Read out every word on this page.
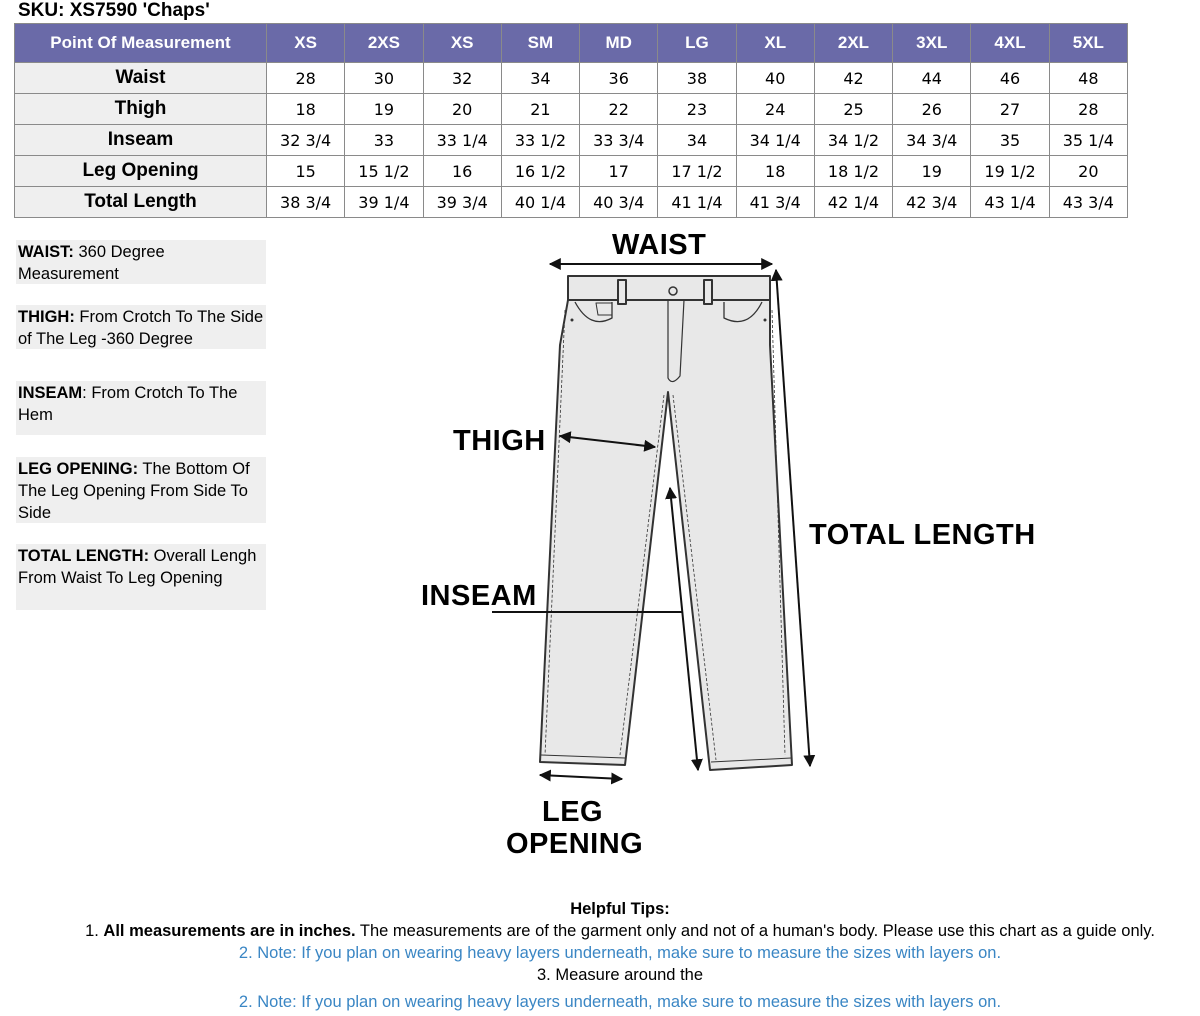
SKU: XS7590 'Chaps'
Point Of Measurement	XS	2XS	XS	SM	MD	LG	XL	2XL	3XL	4XL	5XL
Waist	28	30	32	34	36	38	40	42	44	46	48
Thigh	18	19	20	21	22	23	24	25	26	27	28
Inseam	32 3/4	33	33 1/4	33 1/2	33 3/4	34	34 1/4	34 1/2	34 3/4	35	35 1/4
Leg Opening	15	15 1/2	16	16 1/2	17	17 1/2	18	18 1/2	19	19 1/2	20
Total Length	38 3/4	39 1/4	39 3/4	40 1/4	40 3/4	41 1/4	41 3/4	42 1/4	42 3/4	43 1/4	43 3/4
WAIST: 360 Degree Measurement
THIGH: From Crotch To The Side of The Leg -360 Degree
INSEAM: From Crotch To The Hem
LEG OPENING: The Bottom Of The Leg Opening From Side To Side
TOTAL LENGTH: Overall Lengh From Waist To Leg Opening
WAIST
THIGH
TOTAL LENGTH
INSEAM
LEG
OPENING
Helpful Tips:
1. All measurements are in inches. The measurements are of the garment only and not of a human's body. Please use this chart as a guide only.
2. Note: If you plan on wearing heavy layers underneath, make sure to measure the sizes with layers on.
3. Measure around the
2. Note: If you plan on wearing heavy layers underneath, make sure to measure the sizes with layers on.
